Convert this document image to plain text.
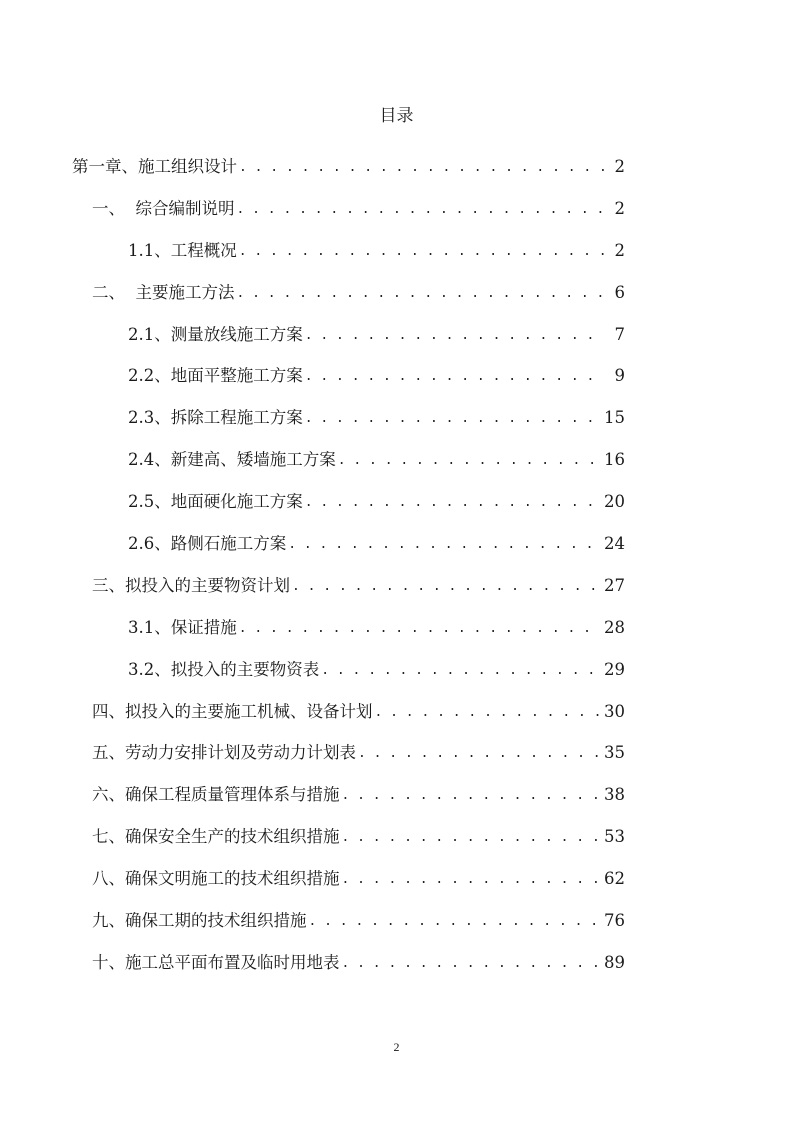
目录
第一章、施工组织设计 . . .	2
一、  综合编制说明 . . .	2
1.1、工程概况 . . .	2
二、  主要施工方法 . . .	6
2.1、测量放线施工方案 . . .	7
2.2、地面平整施工方案 . . .	9
2.3、拆除工程施工方案 . . .	15
2.4、新建高、矮墙施工方案 . . .	16
2.5、地面硬化施工方案 . . .	20
2.6、路侧石施工方案 . . .	24
三、拟投入的主要物资计划 . . .	27
3.1、保证措施 . . .	28
3.2、拟投入的主要物资表 . . .	29
四、拟投入的主要施工机械、设备计划 . . .	30
五、劳动力安排计划及劳动力计划表 . . .	35
六、确保工程质量管理体系与措施 . . .	38
七、确保安全生产的技术组织措施 . . .	53
八、确保文明施工的技术组织措施 . . .	62
九、确保工期的技术组织措施 . . .	76
十、施工总平面布置及临时用地表 . . .	89
2
